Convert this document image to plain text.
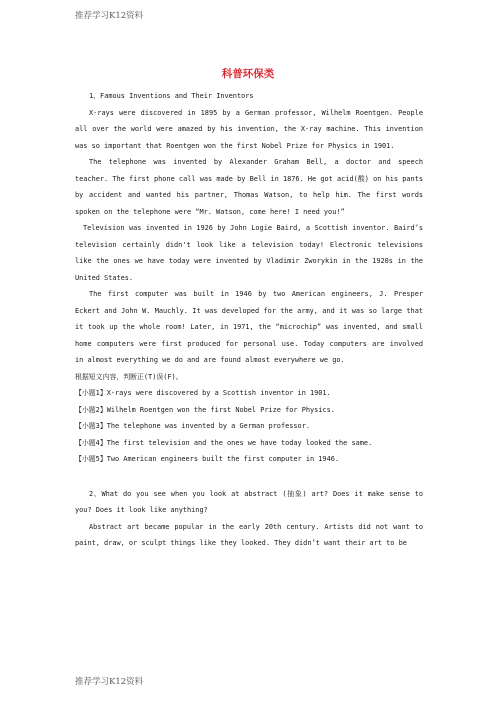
推荐学习K12资料
科普环保类

1、Famous Inventions and Their Inventors

X-rays were discovered in 1895 by a German professor, Wilhelm Roentgen. People all over the world were amazed by his invention, the X-ray machine. This invention was so important that Roentgen won the first Nobel Prize for Physics in 1901.

The telephone was invented by Alexander Graham Bell, a doctor and speech teacher. The first phone call was made by Bell in 1876. He got acid(酸) on his pants by accident and wanted his partner, Thomas Watson, to help him. The first words spoken on the telephone were “Mr. Watson, come here! I need you!”

Television was invented in 1926 by John Logie Baird, a Scottish inventor. Baird’s television certainly didn't look like a television today! Electronic televisions like the ones we have today were invented by Vladimir Zworykin in the 1920s in the United States.

The first computer was built in 1946 by two American engineers, J. Presper Eckert and John W. Mauchly. It was developed for the army, and it was so large that it took up the whole room! Later, in 1971, the “microchip” was invented, and small home computers were first produced for personal use. Today computers are involved in almost everything we do and are found almost everywhere we go.

根据短文内容，判断正(T)误(F)。

【小题1】X-rays were discovered by a Scottish inventor in 1901.

【小题2】Wilhelm Roentgen won the first Nobel Prize for Physics.

【小题3】The telephone was invented by a German professor.

【小题4】The first television and the ones we have today looked the same.

【小题5】Two American engineers built the first computer in 1946.

2、What do you see when you look at abstract (抽象) art? Does it make sense to you? Does it look like anything?

Abstract art became popular in the early 20th century. Artists did not want to paint, draw, or sculpt things like they looked. They didn’t want their art to be

推荐学习K12资料
